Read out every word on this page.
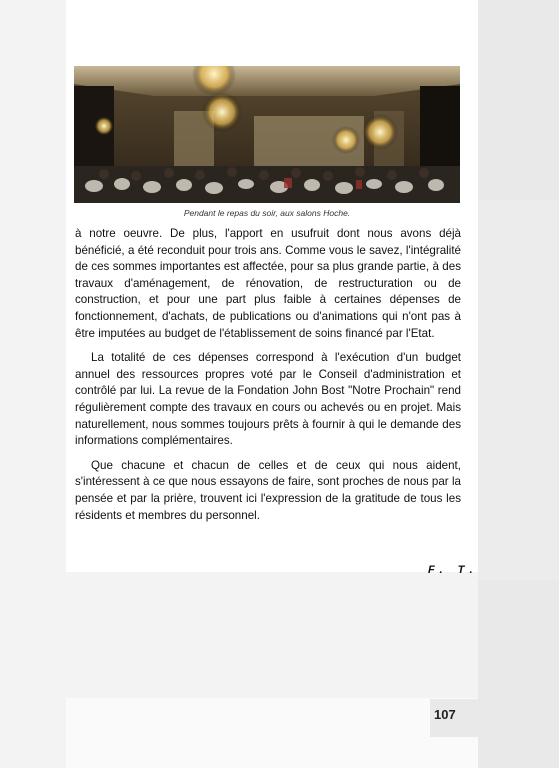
Pendant le repas du soir, aux salons Hoche.

à notre oeuvre. De plus, l'apport en usufruit dont nous avons déjà bénéficié, a été reconduit pour trois ans. Comme vous le savez, l'intégralité de ces sommes importantes est affectée, pour sa plus grande partie, à des travaux d'aménagement, de rénovation, de restructuration ou de construction, et pour une part plus faible à certaines dépenses de fonctionnement, d'achats, de publications ou d'animations qui n'ont pas à être imputées au budget de l'établissement de soins financé par l'Etat.

La totalité de ces dépenses correspond à l'exécution d'un budget annuel des ressources propres voté par le Conseil d'administration et contrôlé par lui. La revue de la Fondation John Bost "Notre Prochain" rend régulièrement compte des travaux en cours ou achevés ou en projet. Mais naturellement, nous sommes toujours prêts à fournir à qui le demande des informations complémentaires.

Que chacune et chacun de celles et de ceux qui nous aident, s'intéressent à ce que nous essayons de faire, sont proches de nous par la pensée et par la prière, trouvent ici l'expression de la gratitude de tous les résidents et membres du personnel.

F. T.
107
